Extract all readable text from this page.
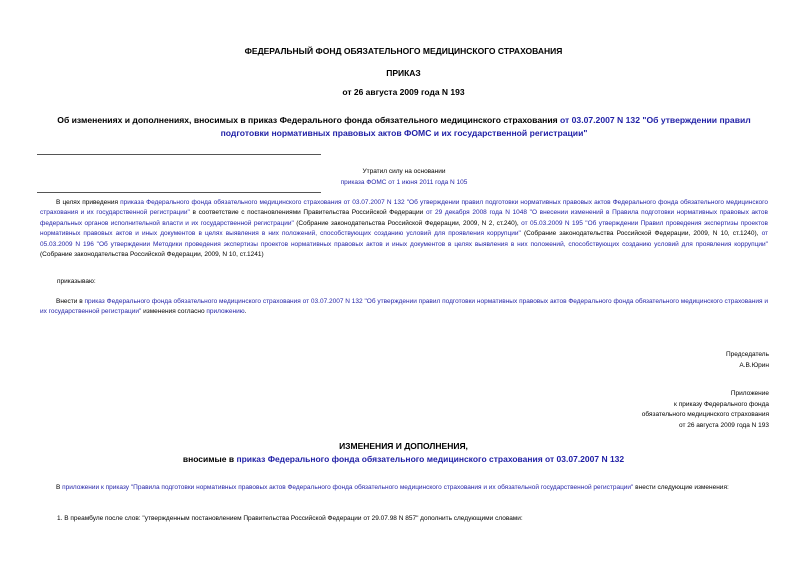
ФЕДЕРАЛЬНЫЙ ФОНД ОБЯЗАТЕЛЬНОГО МЕДИЦИНСКОГО СТРАХОВАНИЯ
ПРИКАЗ
от 26 августа 2009 года N 193
Об изменениях и дополнениях, вносимых в приказ Федерального фонда обязательного медицинского страхования от 03.07.2007 N 132 "Об утверждении правил подготовки нормативных правовых актов ФОМС и их государственной регистрации"
Утратил силу на основании
приказа ФОМС от 1 июня 2011 года N 105
В целях приведения приказа Федерального фонда обязательного медицинского страхования от 03.07.2007 N 132 "Об утверждении правил подготовки нормативных правовых актов Федерального фонда обязательного медицинского страхования и их государственной регистрации" в соответствие с постановлениями Правительства Российской Федерации от 29 декабря 2008 года N 1048 "О внесении изменений в Правила подготовки нормативных правовых актов федеральных органов исполнительной власти и их государственной регистрации" (Собрание законодательства Российской Федерации, 2009, N 2, ст.240), от 05.03.2009 N 195 "Об утверждении Правил проведения экспертизы проектов нормативных правовых актов и иных документов в целях выявления в них положений, способствующих созданию условий для проявления коррупции" (Собрание законодательства Российской Федерации, 2009, N 10, ст.1240), от 05.03.2009 N 196 "Об утверждении Методики проведения экспертизы проектов нормативных правовых актов и иных документов в целях выявления в них положений, способствующих созданию условий для проявления коррупции" (Собрание законодательства Российской Федерации, 2009, N 10, ст.1241)
приказываю:
Внести в приказ Федерального фонда обязательного медицинского страхования от 03.07.2007 N 132 "Об утверждении правил подготовки нормативных правовых актов Федерального фонда обязательного медицинского страхования и их государственной регистрации" изменения согласно приложению.
Председатель
А.В.Юрин
Приложение
к приказу Федерального фонда
обязательного медицинского страхования
от 26 августа 2009 года N 193
ИЗМЕНЕНИЯ И ДОПОЛНЕНИЯ,
вносимые в приказ Федерального фонда обязательного медицинского страхования от 03.07.2007 N 132
В приложении к приказу "Правила подготовки нормативных правовых актов Федерального фонда обязательного медицинского страхования и их обязательной государственной регистрации" внести следующие изменения:
1. В преамбуле после слов: "утвержденным постановлением Правительства Российской Федерации от 29.07.98 N 857" дополнить следующими словами:
